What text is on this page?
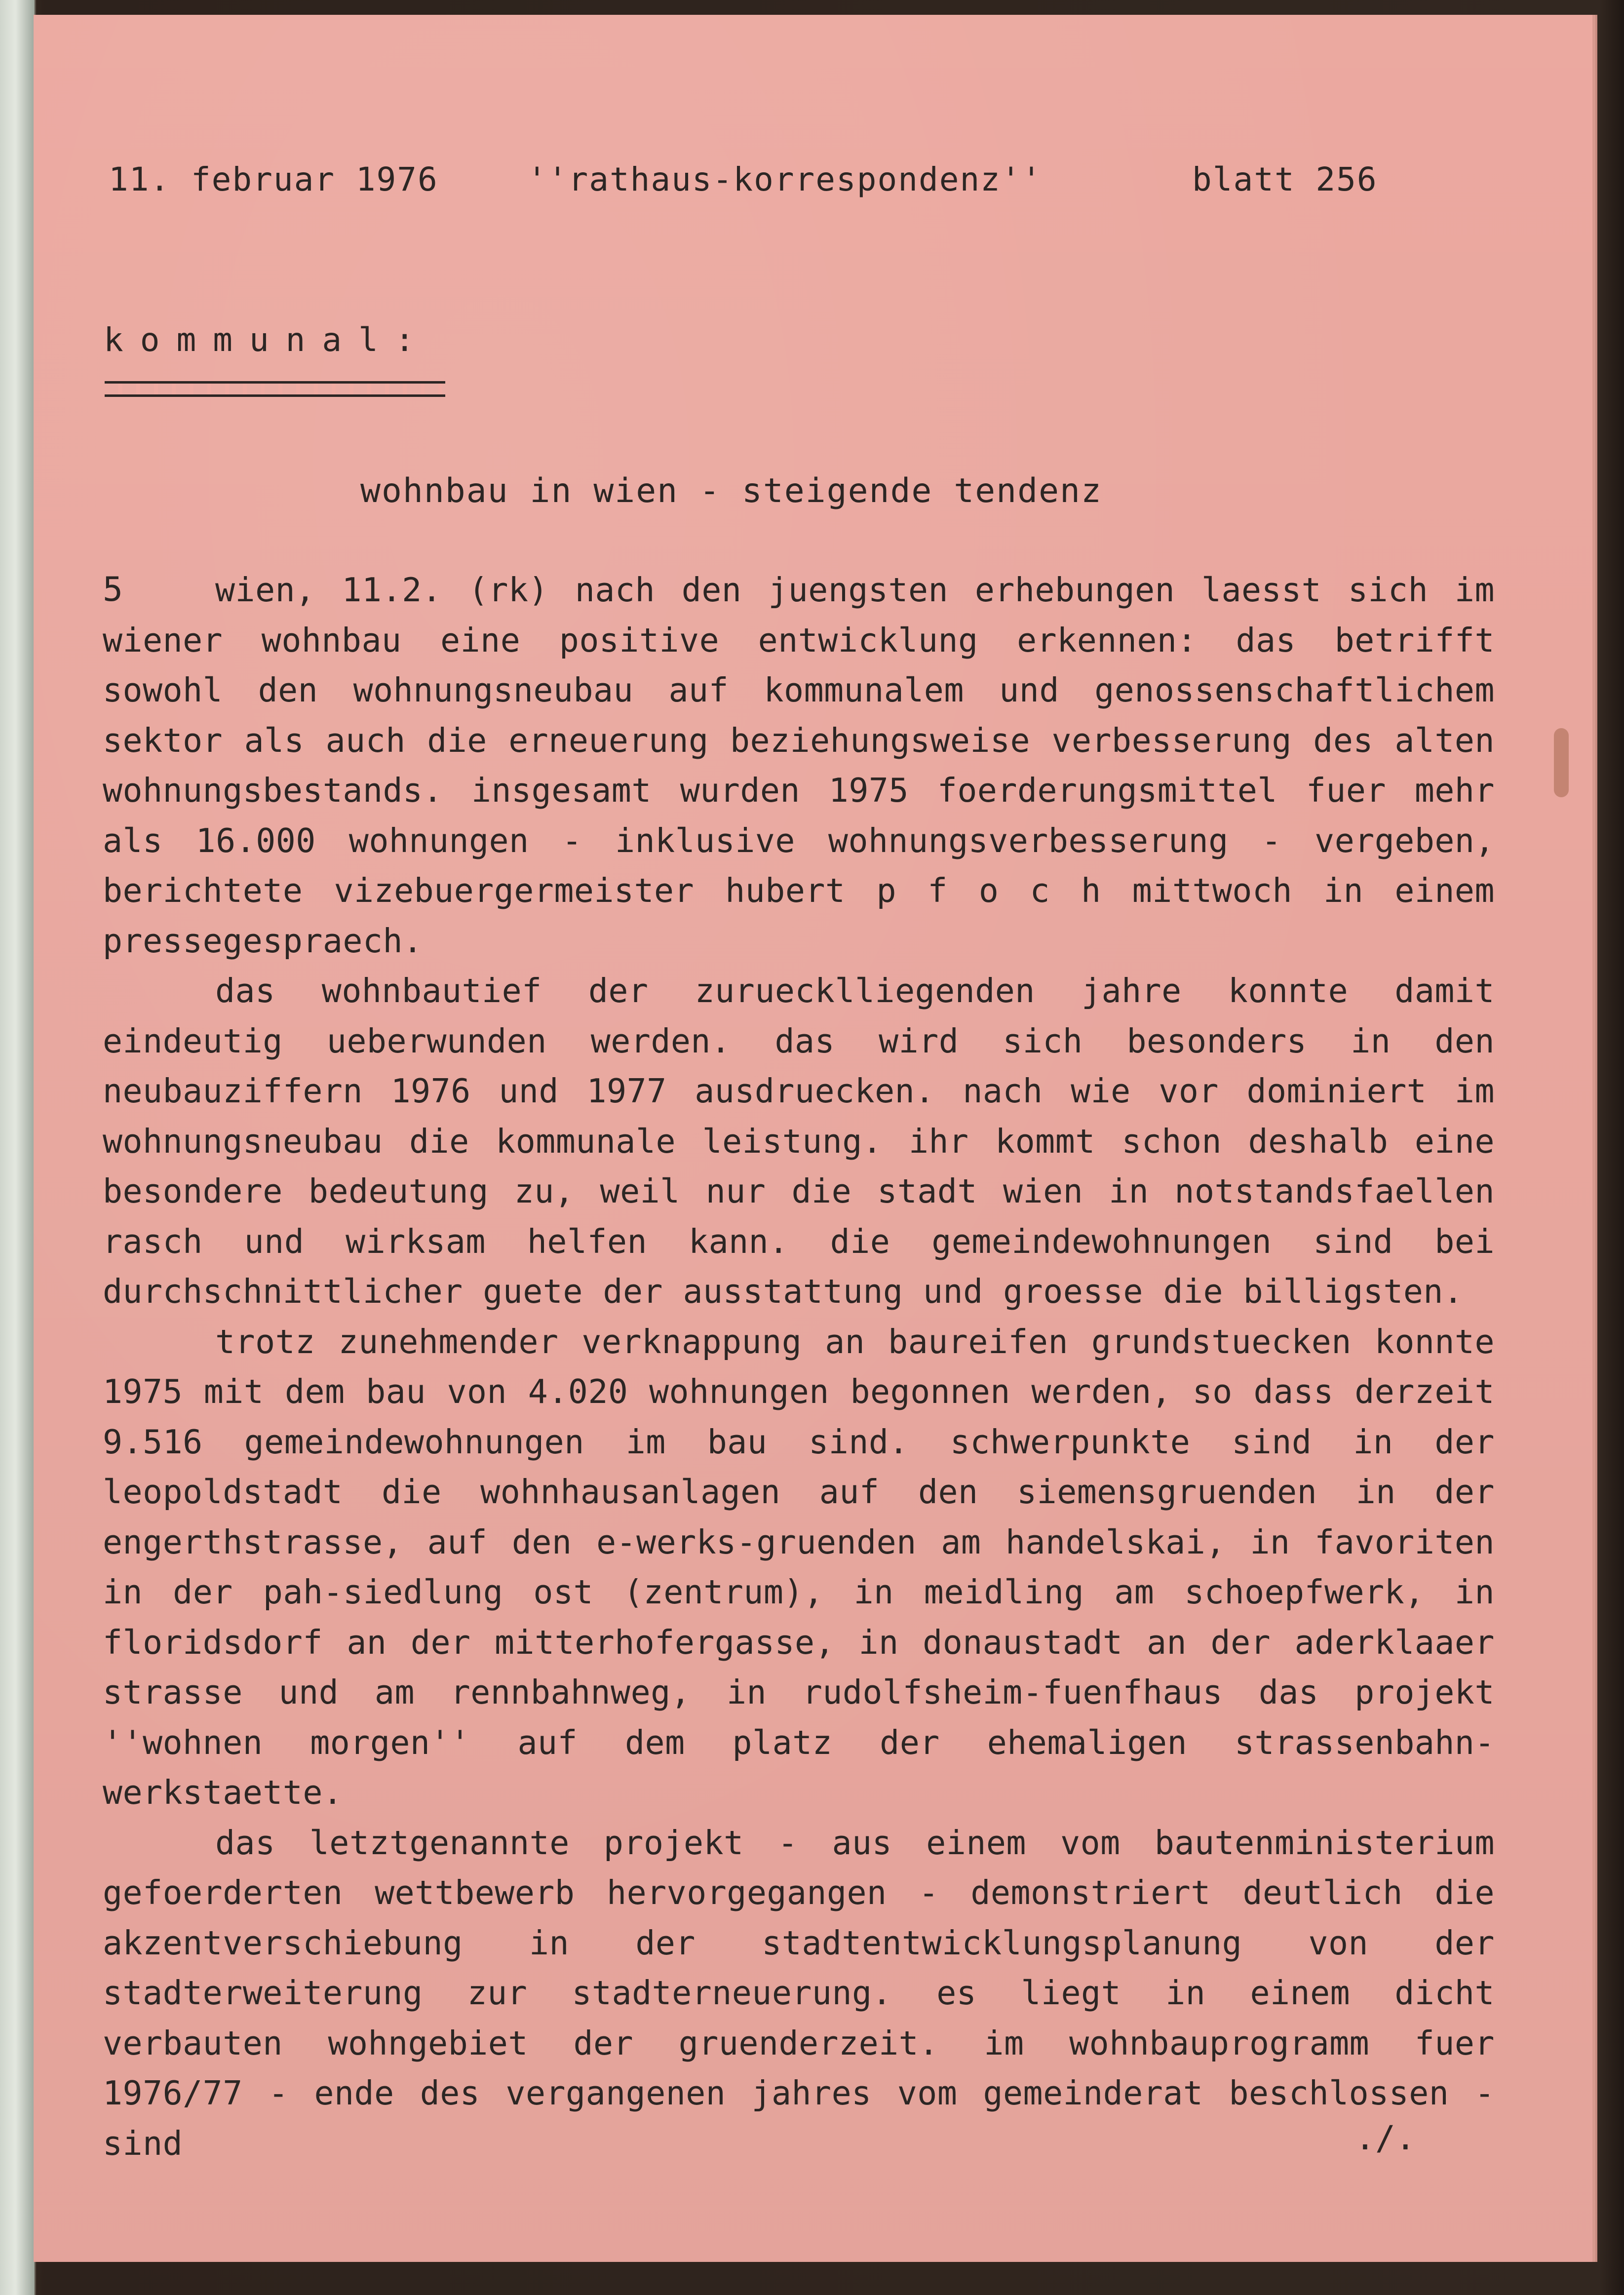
11. februar 1976

	''rathaus-korrespondenz''

	blatt 256

kommunal:
wohnbau in wien - steigende tendenz
5	wien, 11.2. (rk) nach den juengsten erhebungen laesst sich im wiener wohnbau eine positive entwicklung erkennen: das betrifft sowohl den wohnungsneubau auf kommunalem und genossenschaftlichem sektor als auch die erneuerung beziehungsweise verbesserung des alten wohnungsbestands. insgesamt wurden 1975 foerderungsmittel fuer mehr als 16.000 wohnungen - inklusive wohnungsverbesserung - vergeben, berichtete vizebuergermeister hubert p f o c h mittwoch in einem pressegespraech.

das wohnbautief der zuruecklliegenden jahre konnte damit eindeutig ueberwunden werden. das wird sich besonders in den neubauziffern 1976 und 1977 ausdruecken. nach wie vor dominiert im wohnungsneubau die kommunale leistung. ihr kommt schon deshalb eine besondere bedeutung zu, weil nur die stadt wien in notstandsfaellen rasch und wirksam helfen kann. die gemeindewohnungen sind bei durchschnittlicher guete der ausstattung und groesse die billigsten.

trotz zunehmender verknappung an baureifen grundstuecken konnte 1975 mit dem bau von 4.020 wohnungen begonnen werden, so dass derzeit 9.516 gemeindewohnungen im bau sind. schwerpunkte sind in der leopoldstadt die wohnhausanlagen auf den siemensgruenden in der engerthstrasse, auf den e-werks-gruenden am handelskai, in favoriten in der pah-siedlung ost (zentrum), in meidling am schoepfwerk, in floridsdorf an der mitterhofergasse, in donaustadt an der aderklaaer strasse und am rennbahnweg, in rudolfsheim-fuenfhaus das projekt ''wohnen morgen'' auf dem platz der ehemaligen strassenbahn-werkstaette.

das letztgenannte projekt - aus einem vom bautenministerium gefoerderten wettbewerb hervorgegangen - demonstriert deutlich die akzentverschiebung in der stadtentwicklungsplanung von der stadterweiterung zur stadterneuerung. es liegt in einem dicht verbauten wohngebiet der gruenderzeit. im wohnbauprogramm fuer 1976/77 - ende des vergangenen jahres vom gemeinderat beschlossen - sind	./.
